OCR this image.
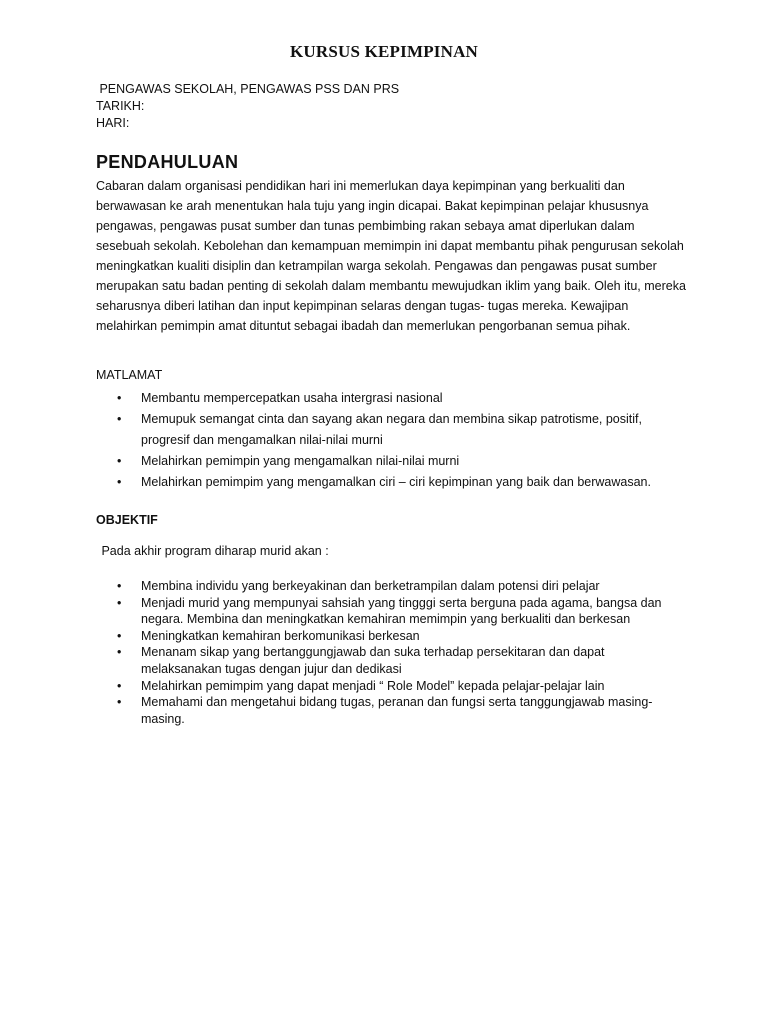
KURSUS KEPIMPINAN
PENGAWAS SEKOLAH, PENGAWAS PSS DAN PRS
TARIKH:
HARI:
PENDAHULUAN
Cabaran dalam organisasi pendidikan hari ini memerlukan daya kepimpinan yang berkualiti dan berwawasan ke arah menentukan hala tuju yang ingin dicapai. Bakat kepimpinan pelajar khususnya pengawas, pengawas pusat sumber dan tunas pembimbing rakan sebaya amat diperlukan dalam sesebuah sekolah. Kebolehan dan kemampuan memimpin ini dapat membantu pihak pengurusan sekolah meningkatkan kualiti disiplin dan ketrampilan warga sekolah. Pengawas dan pengawas pusat sumber merupakan satu badan penting di sekolah dalam membantu mewujudkan iklim yang baik. Oleh itu, mereka seharusnya diberi latihan dan input kepimpinan selaras dengan tugas- tugas mereka. Kewajipan melahirkan pemimpin amat dituntut sebagai ibadah dan memerlukan pengorbanan semua pihak.
MATLAMAT
• Membantu mempercepatkan usaha intergrasi nasional
• Memupuk semangat cinta dan sayang akan negara dan membina sikap patrotisme, positif, progresif dan mengamalkan nilai-nilai murni
• Melahirkan pemimpin yang mengamalkan nilai-nilai murni
• Melahirkan pemimpim yang mengamalkan ciri – ciri kepimpinan yang baik dan berwawasan.
OBJEKTIF
Pada akhir program diharap murid akan :
• Membina individu yang berkeyakinan dan berketrampilan dalam potensi diri pelajar
• Menjadi murid yang mempunyai sahsiah yang tingggi serta berguna pada agama, bangsa dan negara. Membina dan meningkatkan kemahiran memimpin yang berkualiti dan berkesan
• Meningkatkan kemahiran berkomunikasi berkesan
• Menanam sikap yang bertanggungjawab dan suka terhadap persekitaran dan dapat melaksanakan tugas dengan jujur dan dedikasi
• Melahirkan pemimpim yang dapat menjadi “ Role Model” kepada pelajar-pelajar lain
• Memahami dan mengetahui bidang tugas, peranan dan fungsi serta tanggungjawab masing-masing.
